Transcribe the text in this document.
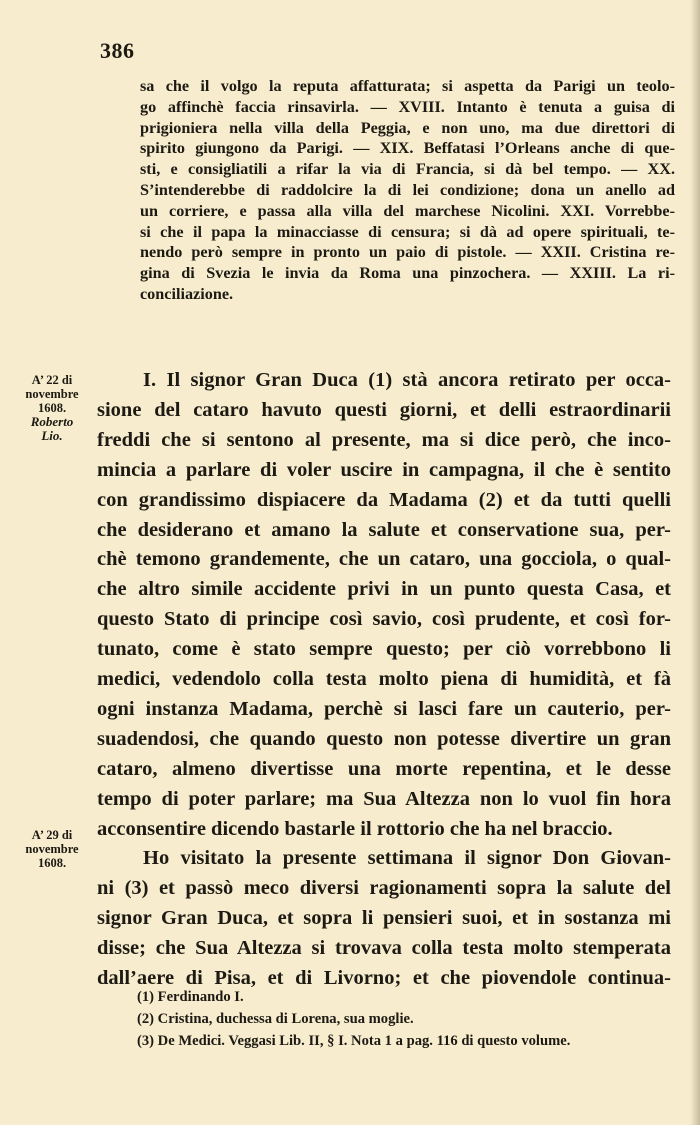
386
sa che il volgo la reputa affatturata; si aspetta da Parigi un teolo-
go affinchè faccia rinsavirla. — XVIII. Intanto è tenuta a guisa di
prigioniera nella villa della Peggia, e non uno, ma due direttori di
spirito giungono da Parigi. — XIX. Beffatasi l’Orleans anche di que-
sti, e consigliatili a rifar la via di Francia, si dà bel tempo. — XX.
S’intenderebbe di raddolcire la di lei condizione; dona un anello ad
un corriere, e passa alla villa del marchese Nicolini. XXI. Vorrebbe-
si che il papa la minacciasse di censura; si dà ad opere spirituali, te-
nendo però sempre in pronto un paio di pistole. — XXII. Cristina re-
gina di Svezia le invia da Roma una pinzochera. — XXIII. La ri-
conciliazione.
A’ 22 di
novembre
1608.
Roberto
Lio.
I. Il signor Gran Duca (1) stà ancora retirato per occa-
sione del cataro havuto questi giorni, et delli estraordinarii
freddi che si sentono al presente, ma si dice però, che inco-
mincia a parlare di voler uscire in campagna, il che è sentito
con grandissimo dispiacere da Madama (2) et da tutti quelli
che desiderano et amano la salute et conservatione sua, per-
chè temono grandemente, che un cataro, una gocciola, o qual-
che altro simile accidente privi in un punto questa Casa, et
questo Stato di principe così savio, così prudente, et così for-
tunato, come è stato sempre questo; per ciò vorrebbono li
medici, vedendolo colla testa molto piena di humidità, et fà
ogni instanza Madama, perchè si lasci fare un cauterio, per-
suadendosi, che quando questo non potesse divertire un gran
cataro, almeno divertisse una morte repentina, et le desse
tempo di poter parlare; ma Sua Altezza non lo vuol fin hora
acconsentire dicendo bastarle il rottorio che ha nel braccio.
A’ 29 di
novembre
1608.	Ho visitato la presente settimana il signor Don Giovan-
ni (3) et passò meco diversi ragionamenti sopra la salute del
signor Gran Duca, et sopra li pensieri suoi, et in sostanza mi
disse; che Sua Altezza si trovava colla testa molto stemperata
dall’aere di Pisa, et di Livorno; et che piovendole continua-
(1) Ferdinando I.
(2) Cristina, duchessa di Lorena, sua moglie.
(3) De Medici. Veggasi Lib. II, § I. Nota 1 a pag. 116 di questo volume.
